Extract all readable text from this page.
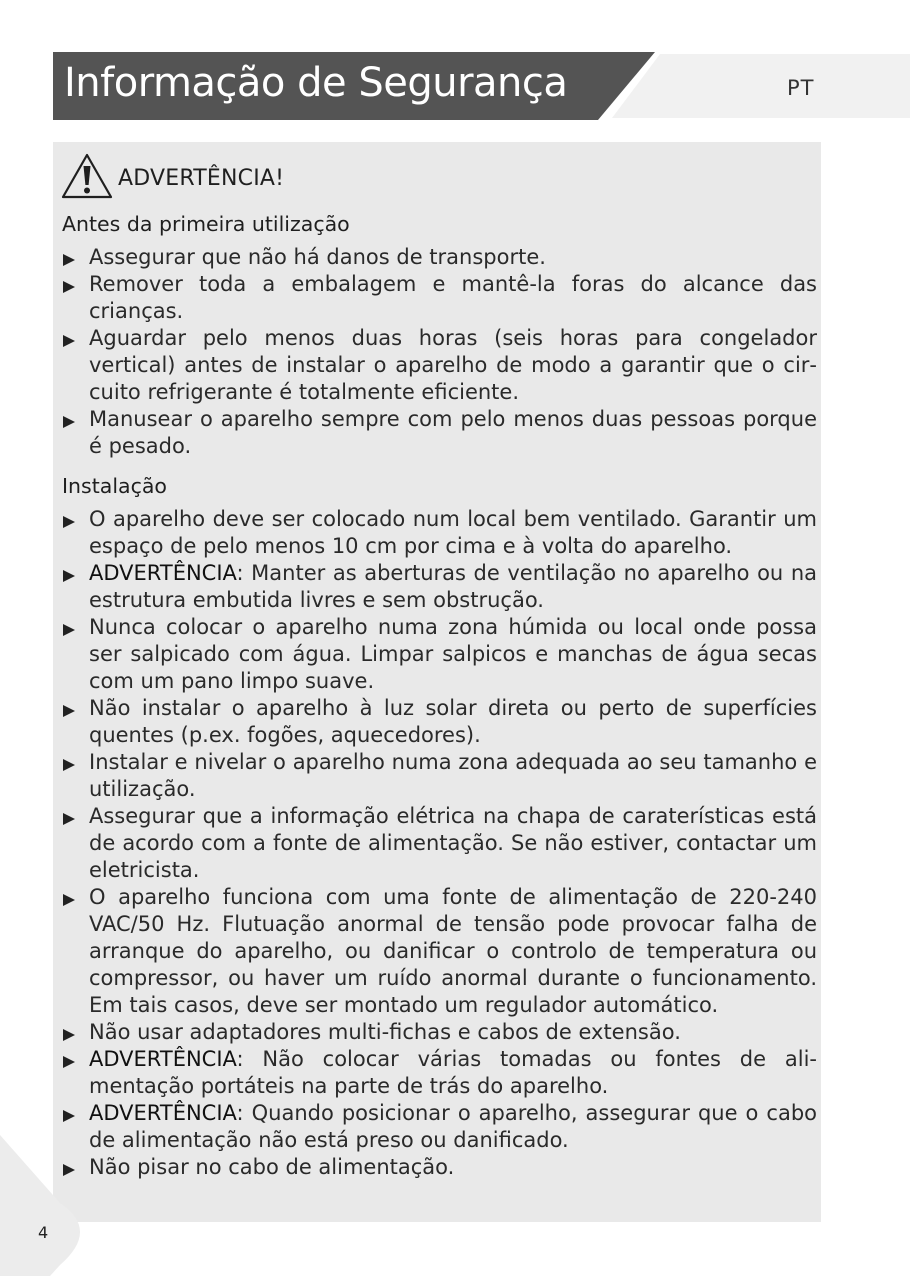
Informação de Segurança	PT
ADVERTÊNCIA!
Antes da primeira utilização
Assegurar que não há danos de transporte.
Remover toda a embalagem e mantê-la foras do alcance das crianças.
Aguardar pelo menos duas horas (seis horas para congelador vertical) antes de instalar o aparelho de modo a garantir que o circuito refrigerante é totalmente eficiente.
Manusear o aparelho sempre com pelo menos duas pessoas porque é pesado.
Instalação
O aparelho deve ser colocado num local bem ventilado. Garantir um espaço de pelo menos 10 cm por cima e à volta do aparelho.
ADVERTÊNCIA: Manter as aberturas de ventilação no aparelho ou na estrutura embutida livres e sem obstrução.
Nunca colocar o aparelho numa zona húmida ou local onde possa ser salpicado com água. Limpar salpicos e manchas de água secas com um pano limpo suave.
Não instalar o aparelho à luz solar direta ou perto de superfícies quentes (p.ex. fogões, aquecedores).
Instalar e nivelar o aparelho numa zona adequada ao seu tamanho e utilização.
Assegurar que a informação elétrica na chapa de caraterísticas está de acordo com a fonte de alimentação. Se não estiver, contactar um eletricista.
O aparelho funciona com uma fonte de alimentação de 220-240 VAC/50 Hz. Flutuação anormal de tensão pode provocar falha de arranque do aparelho, ou danificar o controlo de temperatura ou compressor, ou haver um ruído anormal durante o funcionamento. Em tais casos, deve ser montado um regulador automático.
Não usar adaptadores multi-fichas e cabos de extensão.
ADVERTÊNCIA: Não colocar várias tomadas ou fontes de alimentação portáteis na parte de trás do aparelho.
ADVERTÊNCIA: Quando posicionar o aparelho, assegurar que o cabo de alimentação não está preso ou danificado.
Não pisar no cabo de alimentação.
4
